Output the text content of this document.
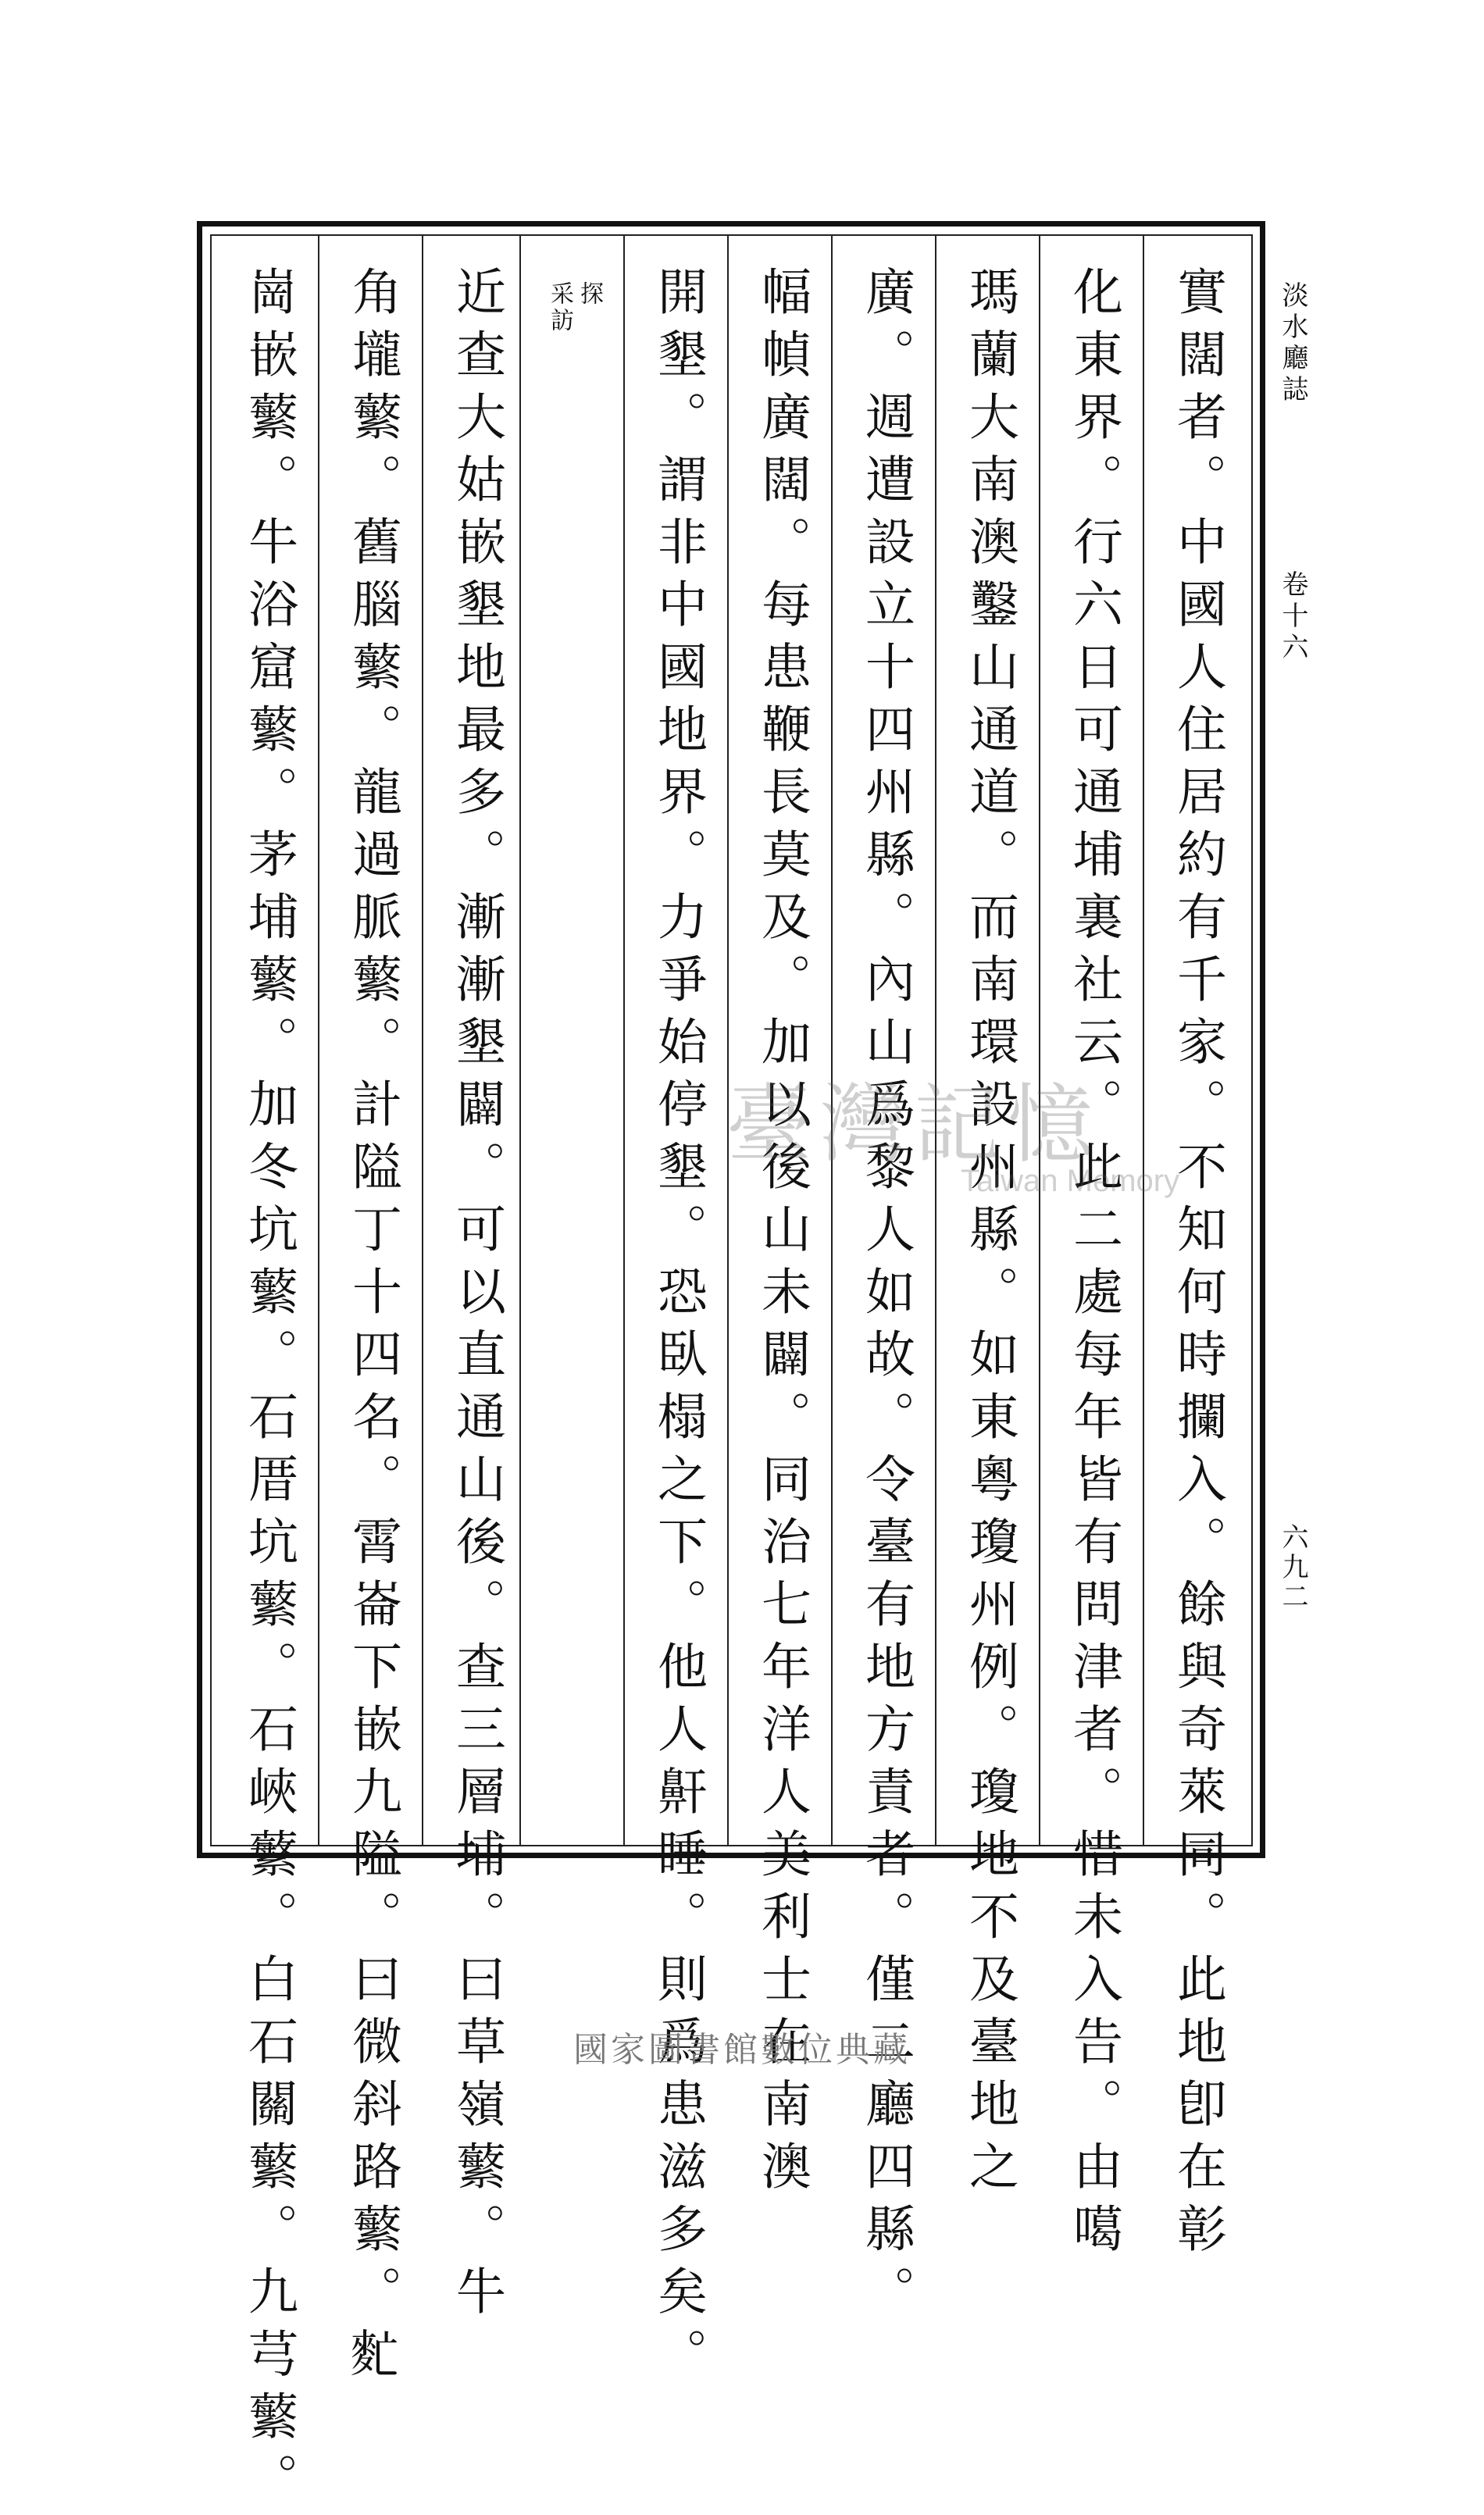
淡水廳誌
卷十六
六九二
實闊者。中國人住居約有千家。不知何時攔入。餘與奇萊同。此地卽在彰
化東界。行六日可通埔裏社云。此二處每年皆有問津者。惜未入告。由噶
瑪蘭大南澳鑿山通道。而南環設州縣。如東粵瓊州例。瓊地不及臺地之
廣。週遭設立十四州縣。內山爲黎人如故。令臺有地方責者。僅二廳四縣。
幅幀廣闊。每患鞭長莫及。加以後山未闢。同治七年洋人美利士在南澳
開墾。謂非中國地界。力爭始停墾。恐臥榻之下。他人鼾睡。則爲患滋多矣。
探
采訪
近查大姑嵌墾地最多。漸漸墾闢。可以直通山後。查三層埔。曰草嶺蘩。牛
角壠蘩。舊腦蘩。龍過脈蘩。計隘丁十四名。霄崙下嵌九隘。曰微斜路蘩。𪌁
崗嵌蘩。牛浴窟蘩。茅埔蘩。加冬坑蘩。石厝坑蘩。石峽蘩。白石關蘩。九芎蘩。	臺灣記憶
Taiwan Memory
國家圖書館數位典藏
